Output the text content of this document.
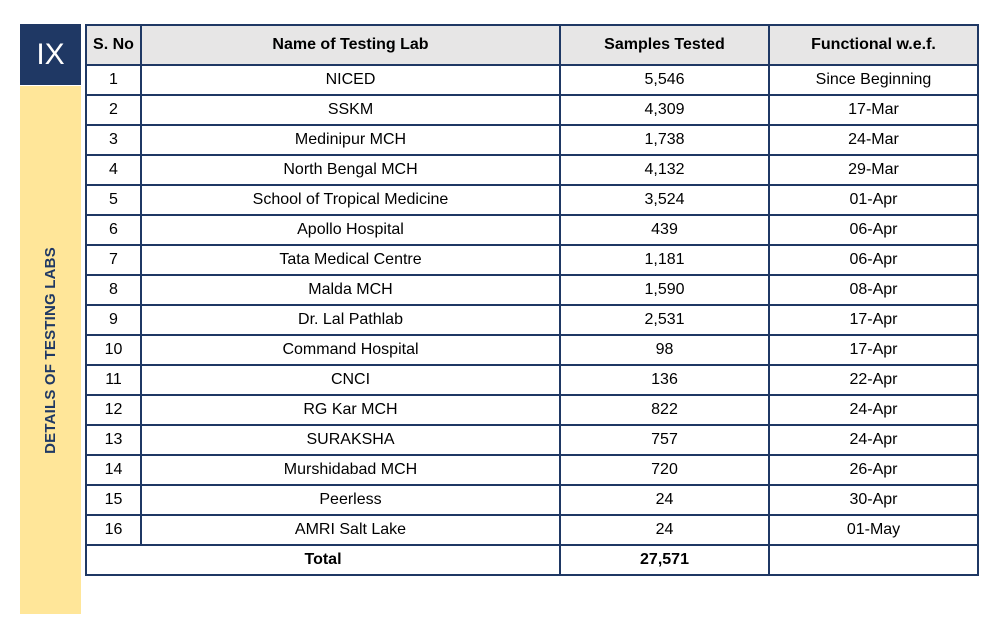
IX
DETAILS OF TESTING LABS
S. No	Name of Testing Lab	Samples Tested	Functional w.e.f.
1	NICED	5,546	Since Beginning
2	SSKM	4,309	17-Mar
3	Medinipur MCH	1,738	24-Mar
4	North Bengal MCH	4,132	29-Mar
5	School of Tropical Medicine	3,524	01-Apr
6	Apollo Hospital	439	06-Apr
7	Tata Medical Centre	1,181	06-Apr
8	Malda MCH	1,590	08-Apr
9	Dr. Lal Pathlab	2,531	17-Apr
10	Command Hospital	98	17-Apr
11	CNCI	136	22-Apr
12	RG Kar MCH	822	24-Apr
13	SURAKSHA	757	24-Apr
14	Murshidabad MCH	720	26-Apr
15	Peerless	24	30-Apr
16	AMRI Salt Lake	24	01-May
Total		27,571	
